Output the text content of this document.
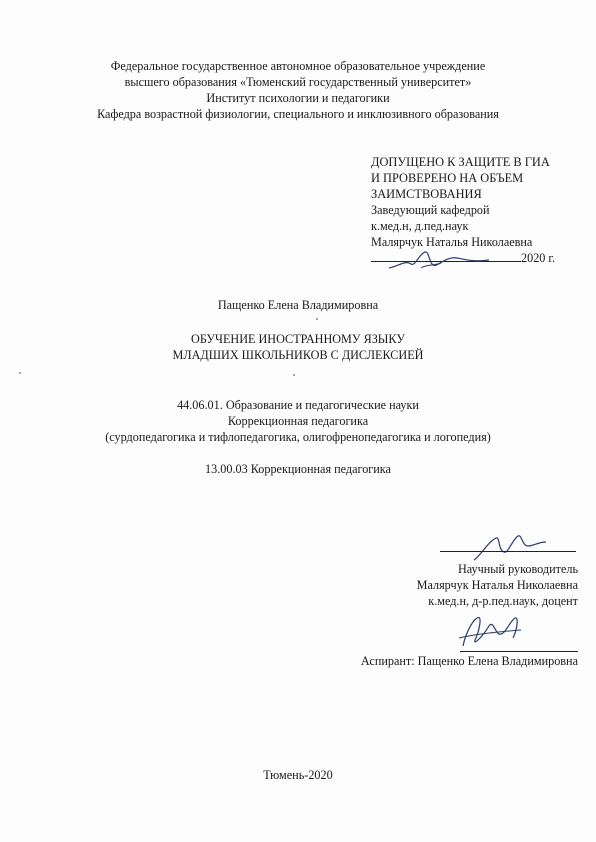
Федеральное государственное автономное образовательное учреждение
высшего образования «Тюменский государственный университет»
Институт психологии и педагогики
Кафедра возрастной физиологии, специального и инклюзивного образования
ДОПУЩЕНО К ЗАЩИТЕ В ГИА
И ПРОВЕРЕНО НА ОБЪЕМ
ЗАИМСТВОВАНИЯ
Заведующий кафедрой
к.мед.н, д.пед.наук
Малярчук Наталья Николаевна
2020 г.
Пащенко Елена Владимировна
ОБУЧЕНИЕ ИНОСТРАННОМУ ЯЗЫКУ
МЛАДШИХ ШКОЛЬНИКОВ С ДИСЛЕКСИЕЙ
44.06.01. Образование и педагогические науки
Коррекционная педагогика
(сурдопедагогика и тифлопедагогика, олигофренопедагогика и логопедия)
13.00.03 Коррекционная педагогика
Научный руководитель
Малярчук Наталья Николаевна
к.мед.н, д-р.пед.наук, доцент
Аспирант: Пащенко Елена Владимировна
Тюмень-2020
